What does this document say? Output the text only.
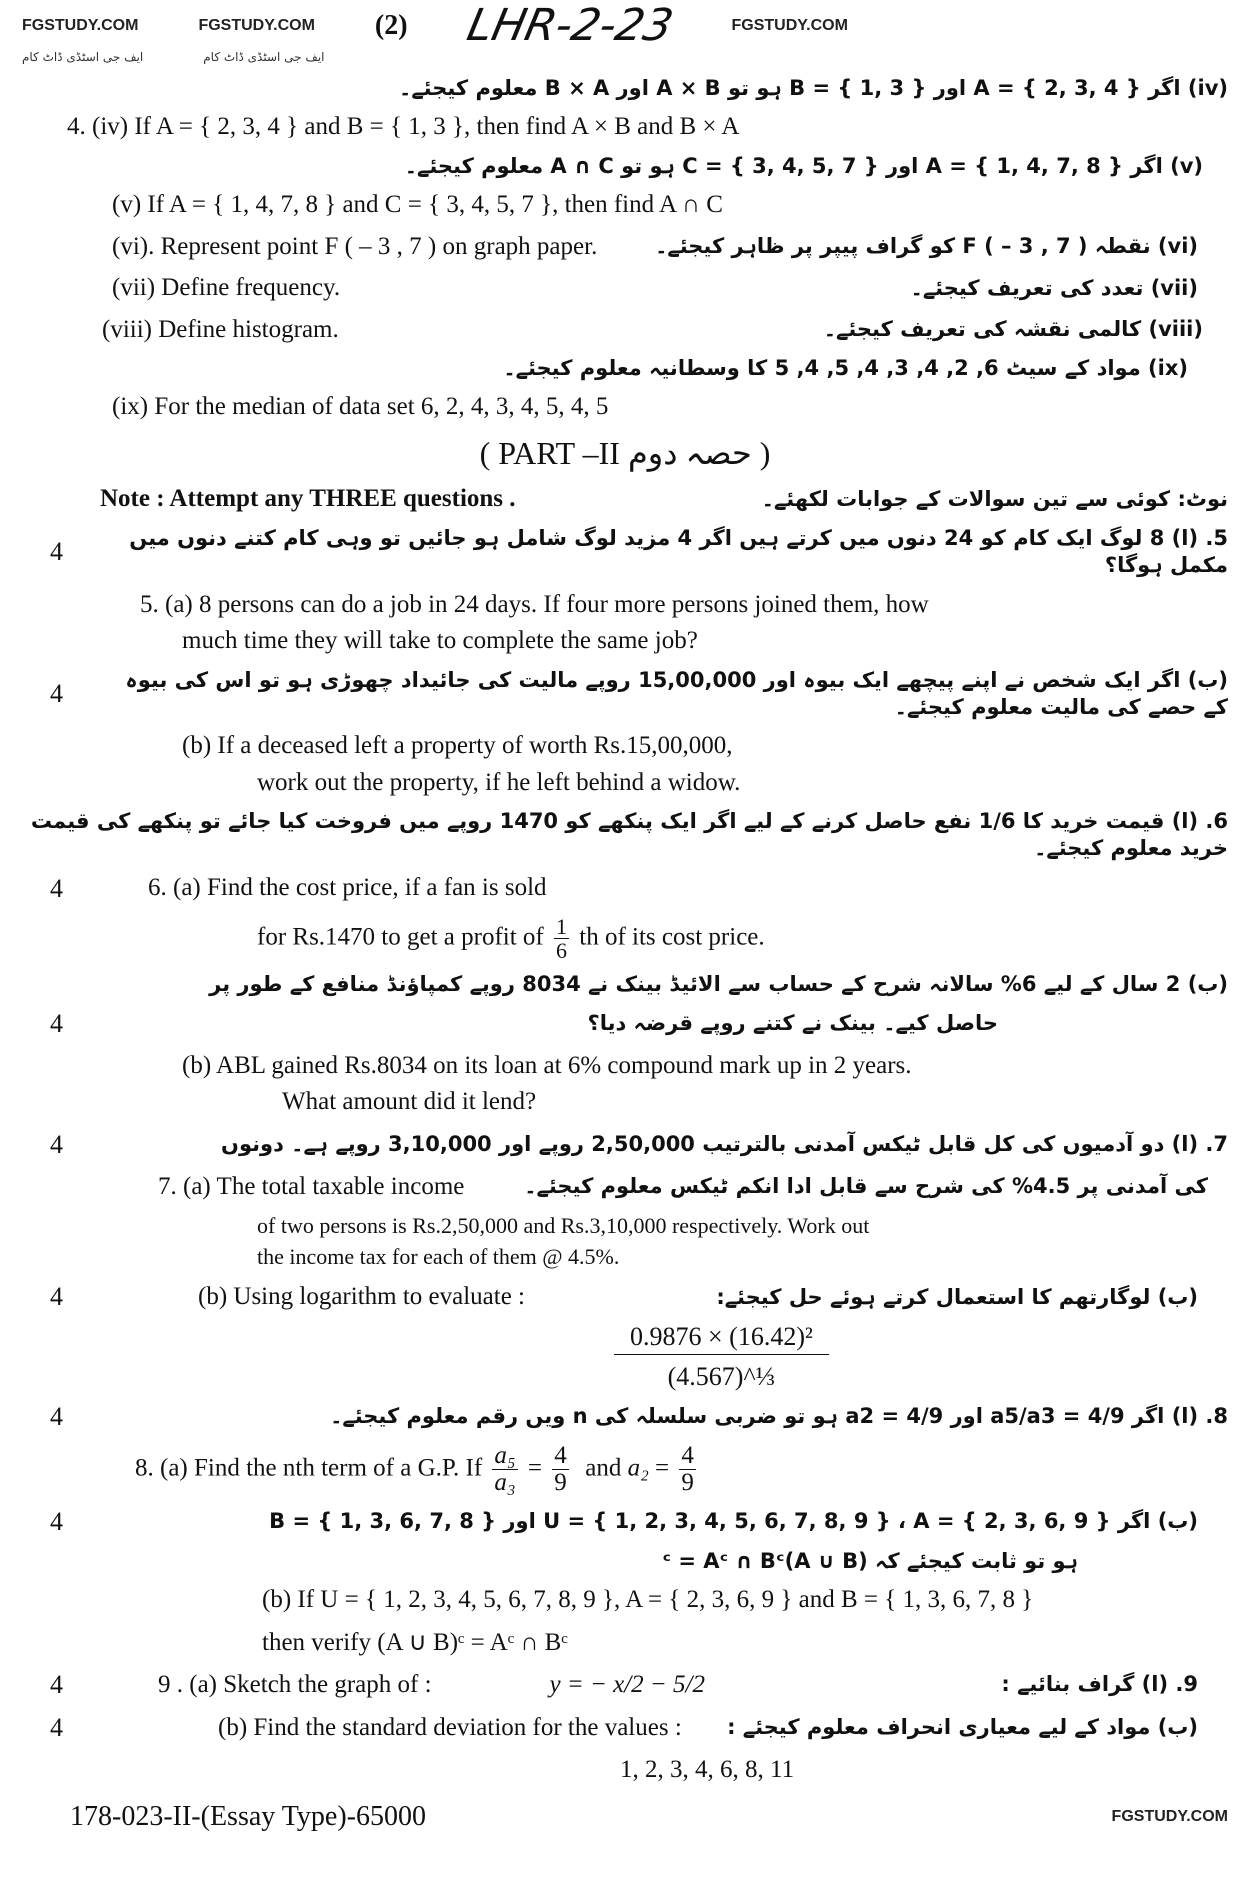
FGSTUDY.COM	FGSTUDY.COM (2) LHR-2-23	FGSTUDY.COM
ایف جی اسٹڈی ڈاٹ کام	ایف جی اسٹڈی ڈاٹ کام
(iv) اگر A = { 2, 3, 4 } اور B = { 1, 3 } ہو تو A × B اور B × A معلوم کیجئے۔
4. (iv) If A = { 2, 3, 4 } and B = { 1, 3 }, then find A × B and B × A
(v) اگر A = { 1, 4, 7, 8 } اور C = { 3, 4, 5, 7 } ہو تو A ∩ C معلوم کیجئے۔
(v) If A = { 1, 4, 7, 8 } and C = { 3, 4, 5, 7 }, then find A ∩ C
(vi). Represent point F ( – 3 , 7 ) on graph paper.	(vi) نقطہ F ( – 3 , 7 ) کو گراف پیپر پر ظاہر کیجئے۔
(vii) Define frequency.	(vii) تعدد کی تعریف کیجئے۔
(viii) Define histogram.	(viii) کالمی نقشہ کی تعریف کیجئے۔
(ix) مواد کے سیٹ 6, 2, 4, 3, 4, 5, 4, 5 کا وسطانیہ معلوم کیجئے۔
(ix) For the median of data set 6, 2, 4, 3, 4, 5, 4, 5
( PART –II حصہ دوم )
Note : Attempt any THREE questions .	نوٹ: کوئی سے تین سوالات کے جوابات لکھئے۔
4	5. (ا) 8 لوگ ایک کام کو 24 دنوں میں کرتے ہیں اگر 4 مزید لوگ شامل ہو جائیں تو وہی کام کتنے دنوں میں مکمل ہوگا؟
5. (a) 8 persons can do a job in 24 days. If four more persons joined them, how
much time they will take to complete the same job?
4	(ب) اگر ایک شخص نے اپنے پیچھے ایک بیوہ اور 15,00,000 روپے مالیت کی جائیداد چھوڑی ہو تو اس کی بیوہ کے حصے کی مالیت معلوم کیجئے۔
(b) If a deceased left a property of worth Rs.15,00,000,
work out the property, if he left behind a widow.
6. (ا) قیمت خرید کا 1/6 نفع حاصل کرنے کے لیے اگر ایک پنکھے کو 1470 روپے میں فروخت کیا جائے تو پنکھے کی قیمت خرید معلوم کیجئے۔
4	6. (a) Find the cost price, if a fan is sold
for Rs.1470 to get a profit of $\frac{1}{6}$ th of its cost price.
(ب) 2 سال کے لیے 6% سالانہ شرح کے حساب سے الائیڈ بینک نے 8034 روپے کمپاؤنڈ منافع کے طور پر
4	حاصل کیے۔ بینک نے کتنے روپے قرضہ دیا؟
(b) ABL gained Rs.8034 on its loan at 6% compound mark up in 2 years.
What amount did it lend?
4	7. (ا) دو آدمیوں کی کل قابل ٹیکس آمدنی بالترتیب 2,50,000 روپے اور 3,10,000 روپے ہے۔ دونوں
7. (a) The total taxable income	کی آمدنی پر 4.5% کی شرح سے قابل ادا انکم ٹیکس معلوم کیجئے۔
of two persons is Rs.2,50,000 and Rs.3,10,000 respectively. Work out
the income tax for each of them @ 4.5%.
4	(b) Using logarithm to evaluate :	(ب) لوگارتھم کا استعمال کرتے ہوئے حل کیجئے:
$\frac{\text{0.9876 × (16.42)²}}{\text{(4.567)\textasciicircum{}⅓}}$
4	8. (ا) اگر a5/a3 = 4/9 اور a2 = 4/9 ہو تو ضربی سلسلہ کی n ویں رقم معلوم کیجئے۔
8. (a) Find the nth term of a G.P. If $\frac{\text{a₅}}{\text{a₃}} = \frac{4}{9}$ and $a_2 = \frac{4}{9}$
4	(ب) اگر U = { 1, 2, 3, 4, 5, 6, 7, 8, 9 } ، A = { 2, 3, 6, 9 } اور B = { 1, 3, 6, 7, 8 }
ہو تو ثابت کیجئے کہ (A ∪ B)ᶜ = Aᶜ ∩ Bᶜ
(b) If U = { 1, 2, 3, 4, 5, 6, 7, 8, 9 }, A = { 2, 3, 6, 9 } and B = { 1, 3, 6, 7, 8 }
then verify (A ∪ B)ᶜ = Aᶜ ∩ Bᶜ
4	9 . (a) Sketch the graph of :	y = − x/2 − 5/2	9. (ا) گراف بنائیے :
4	(b) Find the standard deviation for the values :	(ب) مواد کے لیے معیاری انحراف معلوم کیجئے :
1, 2, 3, 4, 6, 8, 11
178-023-II-(Essay Type)-65000	FGSTUDY.COM
